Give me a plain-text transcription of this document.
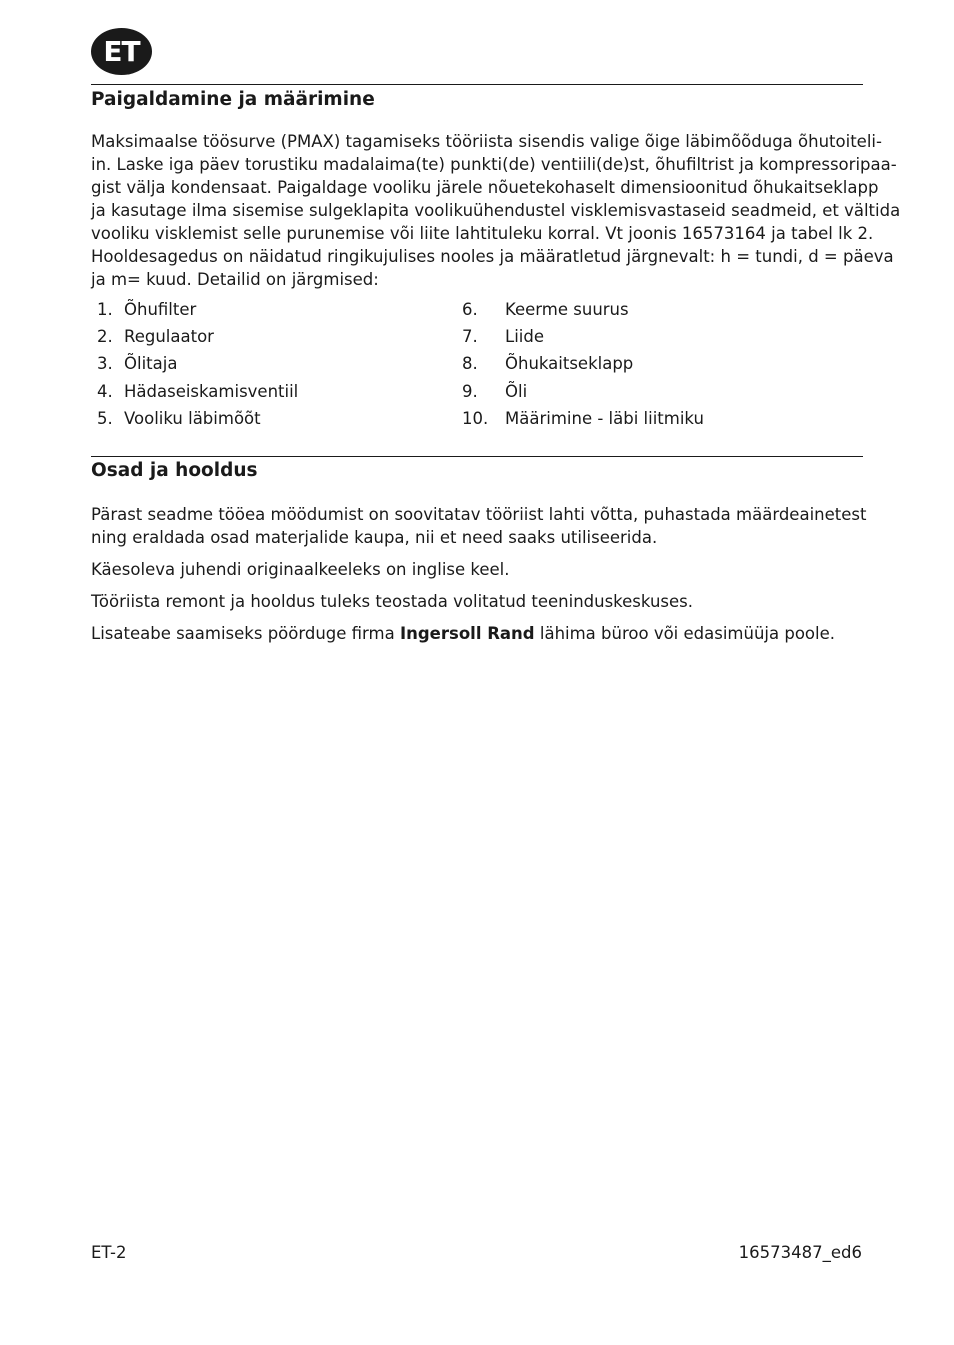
ET
Paigaldamine ja määrimine
Maksimaalse töösurve (PMAX) tagamiseks tööriista sisendis valige õige läbimõõduga õhutoiteli-
in. Laske iga päev torustiku madalaima(te) punkti(de) ventiili(de)st, õhufiltrist ja kompressoripaa-
gist välja kondensaat. Paigaldage vooliku järele nõuetekohaselt dimensioonitud õhukaitseklapp
ja kasutage ilma sisemise sulgeklapita voolikuühendustel visklemisvastaseid seadmeid, et vältida
vooliku visklemist selle purunemise või liite lahtituleku korral. Vt joonis 16573164 ja tabel lk 2.
Hooldesagedus on näidatud ringikujulises nooles ja määratletud järgnevalt: h = tundi, d = päeva
ja m= kuud. Detailid on järgmised:
1. Õhufilter
2. Regulaator
3. Õlitaja
4. Hädaseiskamisventiil
5. Vooliku läbimõõt
6. Keerme suurus
7. Liide
8. Õhukaitseklapp
9. Õli
10. Määrimine - läbi liitmiku
Osad ja hooldus
Pärast seadme tööea möödumist on soovitatav tööriist lahti võtta, puhastada määrdeainetest
ning eraldada osad materjalide kaupa, nii et need saaks utiliseerida.
Käesoleva juhendi originaalkeeleks on inglise keel.
Tööriista remont ja hooldus tuleks teostada volitatud teeninduskeskuses.
Lisateabe saamiseks pöörduge firma Ingersoll Rand lähima büroo või edasimüüja poole.
ET-2	16573487_ed6
